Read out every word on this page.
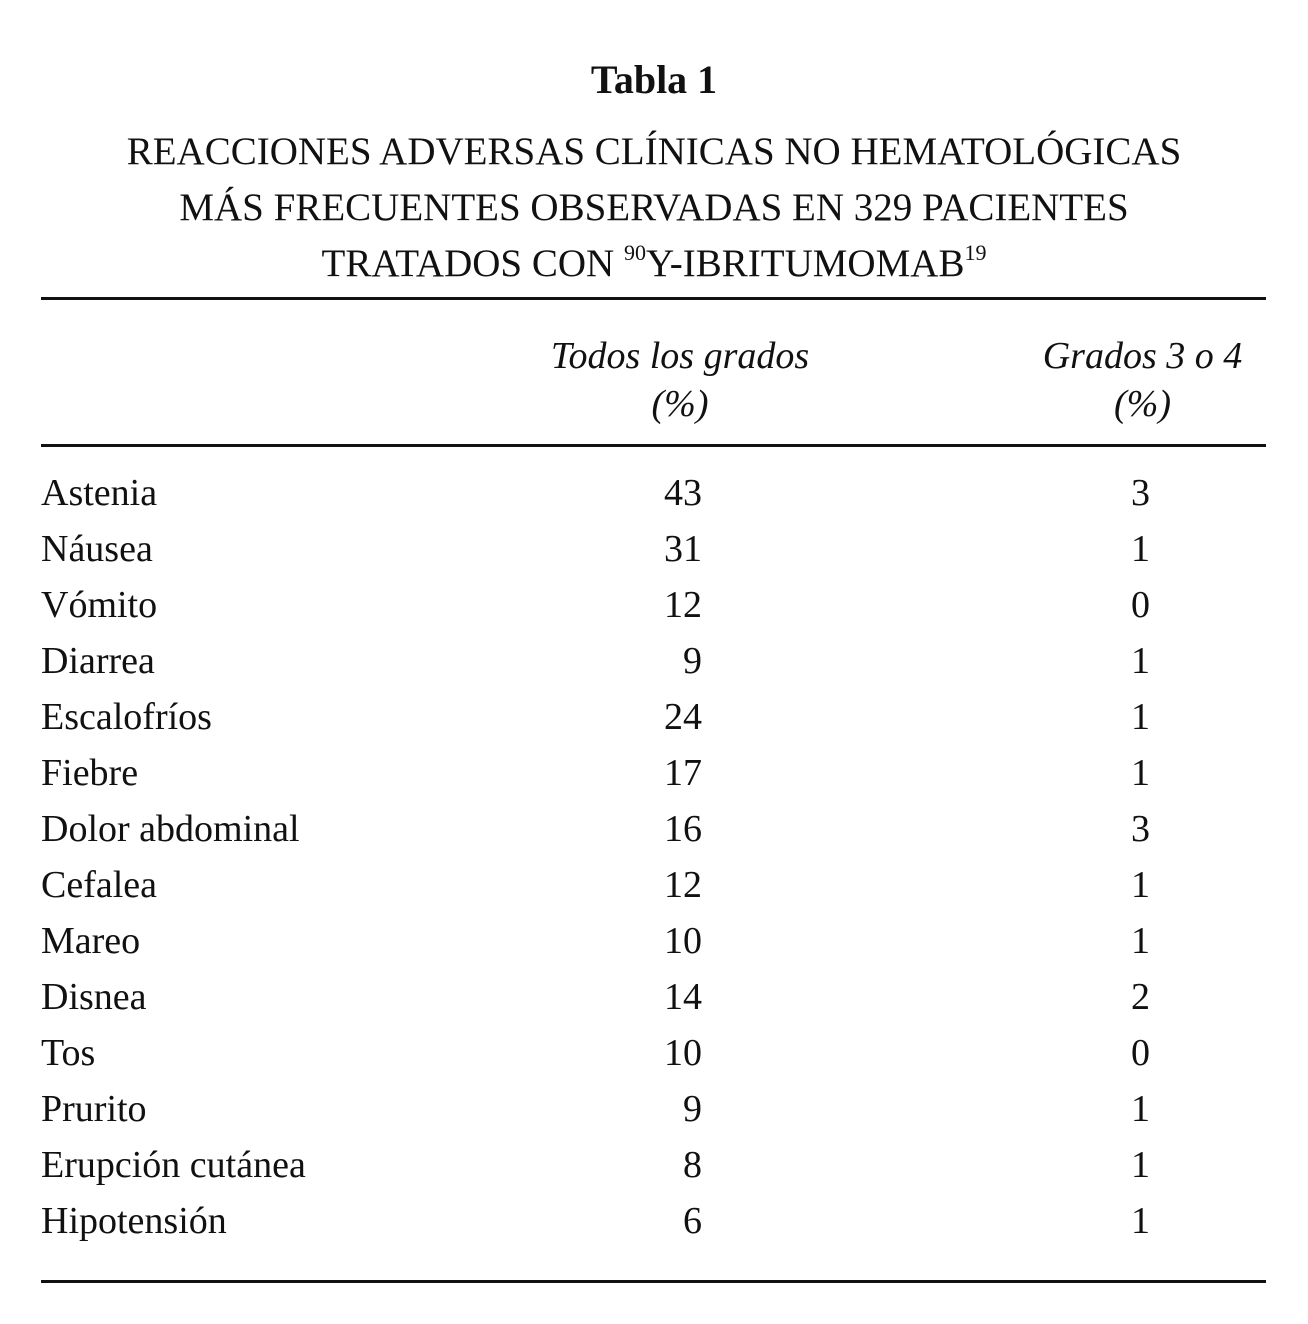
Tabla 1
REACCIONES ADVERSAS CLÍNICAS NO HEMATOLÓGICAS
MÁS FRECUENTES OBSERVADAS EN 329 PACIENTES
TRATADOS CON $^{90}$Y-IBRITUMOMAB$^{19}$
Todos los grados
(%)
Grados 3 o 4
(%)
Astenia	43	3
Náusea	31	1
Vómito	12	0
Diarrea	9	1
Escalofríos	24	1
Fiebre	17	1
Dolor abdominal	16	3
Cefalea	12	1
Mareo	10	1
Disnea	14	2
Tos	10	0
Prurito	9	1
Erupción cutánea	8	1
Hipotensión	6	1
